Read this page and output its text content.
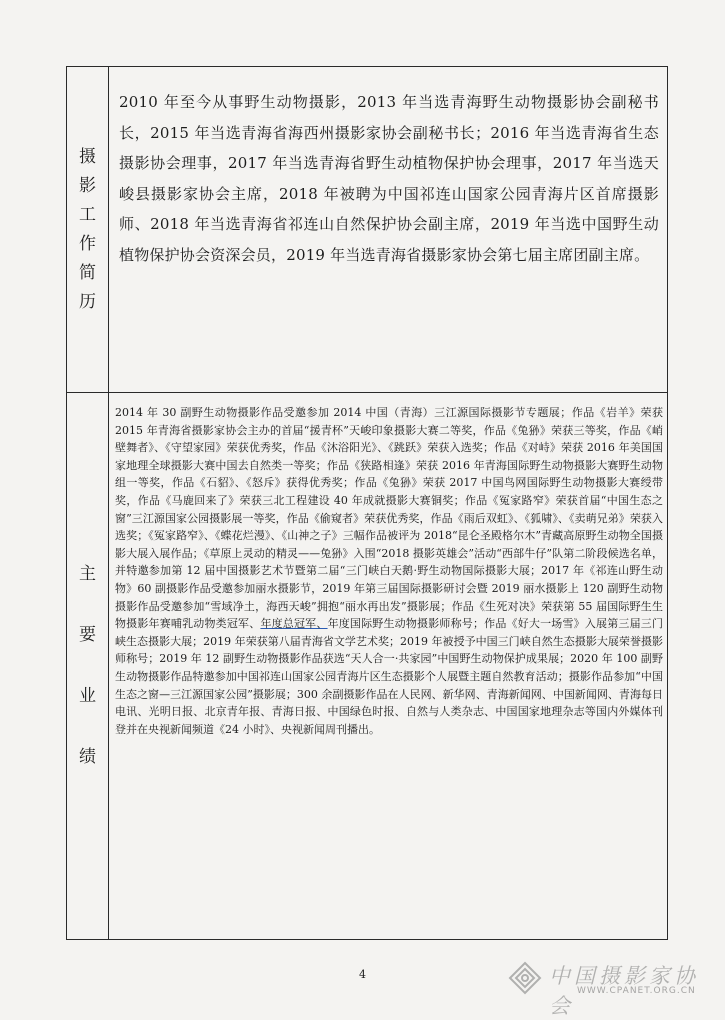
摄
影
工
作
简
历
2010 年至今从事野生动物摄影，2013 年当选青海野生动物摄影协会副秘书长，2015 年当选青海省海西州摄影家协会副秘书长；2016 年当选青海省生态摄影协会理事，2017 年当选青海省野生动植物保护协会理事，2017 年当选天峻县摄影家协会主席，2018 年被聘为中国祁连山国家公园青海片区首席摄影师、2018 年当选青海省祁连山自然保护协会副主席，2019 年当选中国野生动植物保护协会资深会员，2019 年当选青海省摄影家协会第七届主席团副主席。
主
要
业
绩
2014 年 30 副野生动物摄影作品受邀参加 2014 中国（青海）三江源国际摄影节专题展；作品《岩羊》荣获 2015 年青海省摄影家协会主办的首届“援青杯”天峻印象摄影大赛二等奖，作品《兔狲》荣获三等奖，作品《峭壁舞者》、《守望家园》荣获优秀奖，作品《沐浴阳光》、《跳跃》荣获入选奖；作品《对峙》荣获 2016 年美国国家地理全球摄影大赛中国去自然类一等奖；作品《狭路相逢》荣获 2016 年青海国际野生动物摄影大赛野生动物组一等奖，作品《石貂》、《怒斥》获得优秀奖；作品《兔狲》荣获 2017 中国鸟网国际野生动物摄影大赛绶带奖，作品《马鹿回来了》荣获三北工程建设 40 年成就摄影大赛铜奖；作品《冤家路窄》荣获首届“中国生态之窗”三江源国家公园摄影展一等奖，作品《偷窥者》荣获优秀奖，作品《雨后双虹》、《狐啸》、《卖萌兄弟》荣获入选奖；《冤家路窄》、《蝶花烂漫》、《山神之子》三幅作品被评为 2018“昆仑圣殿格尔木”青藏高原野生动物全国摄影大展入展作品；《草原上灵动的精灵——兔狲》入围“2018 摄影英雄会”活动“西部牛仔”队第二阶段候选名单，并特邀参加第 12 届中国摄影艺术节暨第二届“三门峡白天鹅·野生动物国际摄影大展；2017 年《祁连山野生动物》60 副摄影作品受邀参加丽水摄影节，2019 年第三届国际摄影研讨会暨 2019 丽水摄影上 120 副野生动物摄影作品受邀参加“雪域净土，海西天峻”拥抱“丽水再出发”摄影展；作品《生死对决》荣获第 55 届国际野生生物摄影年赛哺乳动物类冠军、年度总冠军、年度国际野生动物摄影师称号；作品《好大一场雪》入展第三届三门峡生态摄影大展；2019 年荣获第八届青海省文学艺术奖；2019 年被授予中国三门峡自然生态摄影大展荣誉摄影师称号；2019 年 12 副野生动物摄影作品获选“天人合一·共家园”中国野生动物保护成果展；2020 年 100 副野生动物摄影作品特邀参加中国祁连山国家公园青海片区生态摄影个人展暨主题自然教育活动；摄影作品参加“中国生态之窗—三江源国家公园”摄影展；300 余副摄影作品在人民网、新华网、青海新闻网、中国新闻网、青海每日电讯、光明日报、北京青年报、青海日报、中国绿色时报、自然与人类杂志、中国国家地理杂志等国内外媒体刊登并在央视新闻频道《24 小时》、央视新闻周刊播出。
4	中国摄影家协会
WWW.CPANET.ORG.CN
